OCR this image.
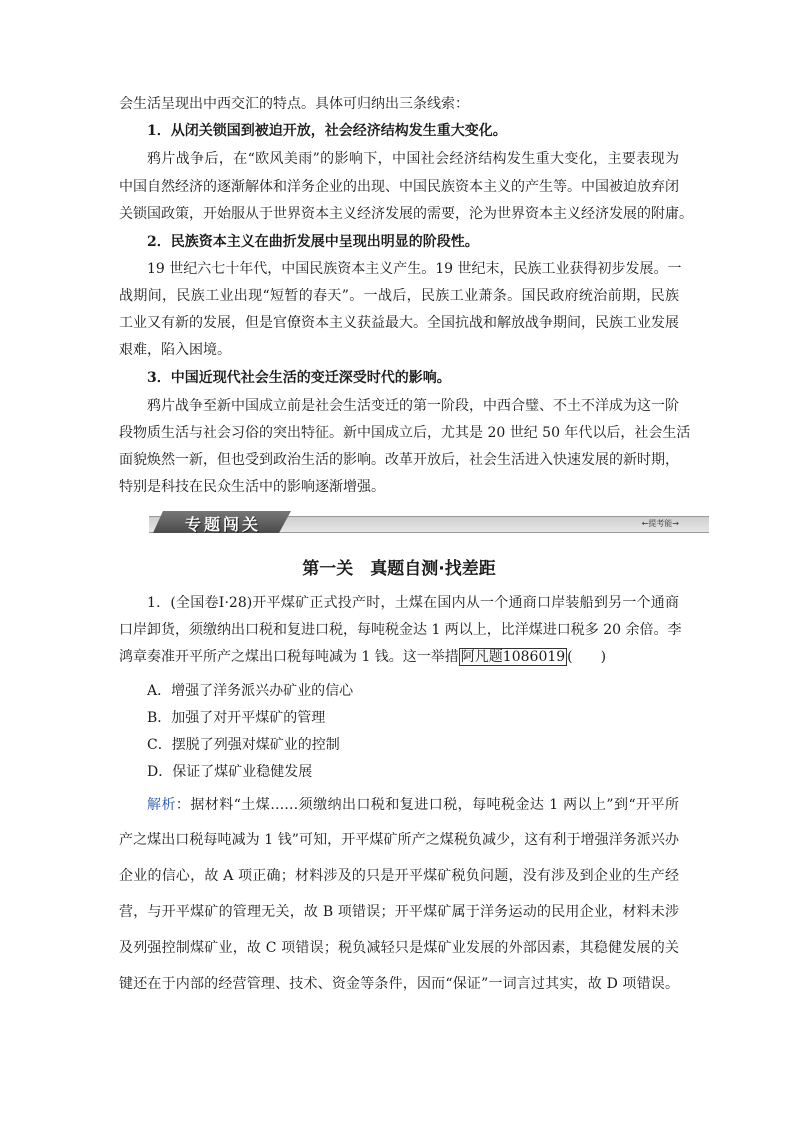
会生活呈现出中西交汇的特点。具体可归纳出三条线索：
1．从闭关锁国到被迫开放，社会经济结构发生重大变化。
鸦片战争后，在“欧风美雨”的影响下，中国社会经济结构发生重大变化，主要表现为
中国自然经济的逐渐解体和洋务企业的出现、中国民族资本主义的产生等。中国被迫放弃闭
关锁国政策，开始服从于世界资本主义经济发展的需要，沦为世界资本主义经济发展的附庸。
2．民族资本主义在曲折发展中呈现出明显的阶段性。
19 世纪六七十年代，中国民族资本主义产生。19 世纪末，民族工业获得初步发展。一
战期间，民族工业出现“短暂的春天”。一战后，民族工业萧条。国民政府统治前期，民族
工业又有新的发展，但是官僚资本主义获益最大。全国抗战和解放战争期间，民族工业发展
艰难，陷入困境。
3．中国近现代社会生活的变迁深受时代的影响。
鸦片战争至新中国成立前是社会生活变迁的第一阶段，中西合璧、不土不洋成为这一阶
段物质生活与社会习俗的突出特征。新中国成立后，尤其是 20 世纪 50 年代以后，社会生活
面貌焕然一新，但也受到政治生活的影响。改革开放后，社会生活进入快速发展的新时期，
特别是科技在民众生活中的影响逐渐增强。
专题闯关	←提考能→
第一关　真题自测·找差距
1．(全国卷Ⅰ·28)开平煤矿正式投产时，土煤在国内从一个通商口岸装船到另一个通商
口岸卸货，须缴纳出口税和复进口税，每吨税金达 1 两以上，比洋煤进口税多 20 余倍。李
鸿章奏准开平所产之煤出口税每吨减为 1 钱。这一举措 阿凡题1086019 (　　)
A．增强了洋务派兴办矿业的信心
B．加强了对开平煤矿的管理
C．摆脱了列强对煤矿业的控制
D．保证了煤矿业稳健发展
解析：据材料“土煤……须缴纳出口税和复进口税，每吨税金达 1 两以上”到“开平所
产之煤出口税每吨减为 1 钱”可知，开平煤矿所产之煤税负减少，这有利于增强洋务派兴办
企业的信心，故 A 项正确；材料涉及的只是开平煤矿税负问题，没有涉及到企业的生产经
营，与开平煤矿的管理无关，故 B 项错误；开平煤矿属于洋务运动的民用企业，材料未涉
及列强控制煤矿业，故 C 项错误；税负减轻只是煤矿业发展的外部因素，其稳健发展的关
键还在于内部的经营管理、技术、资金等条件，因而“保证”一词言过其实，故 D 项错误。
